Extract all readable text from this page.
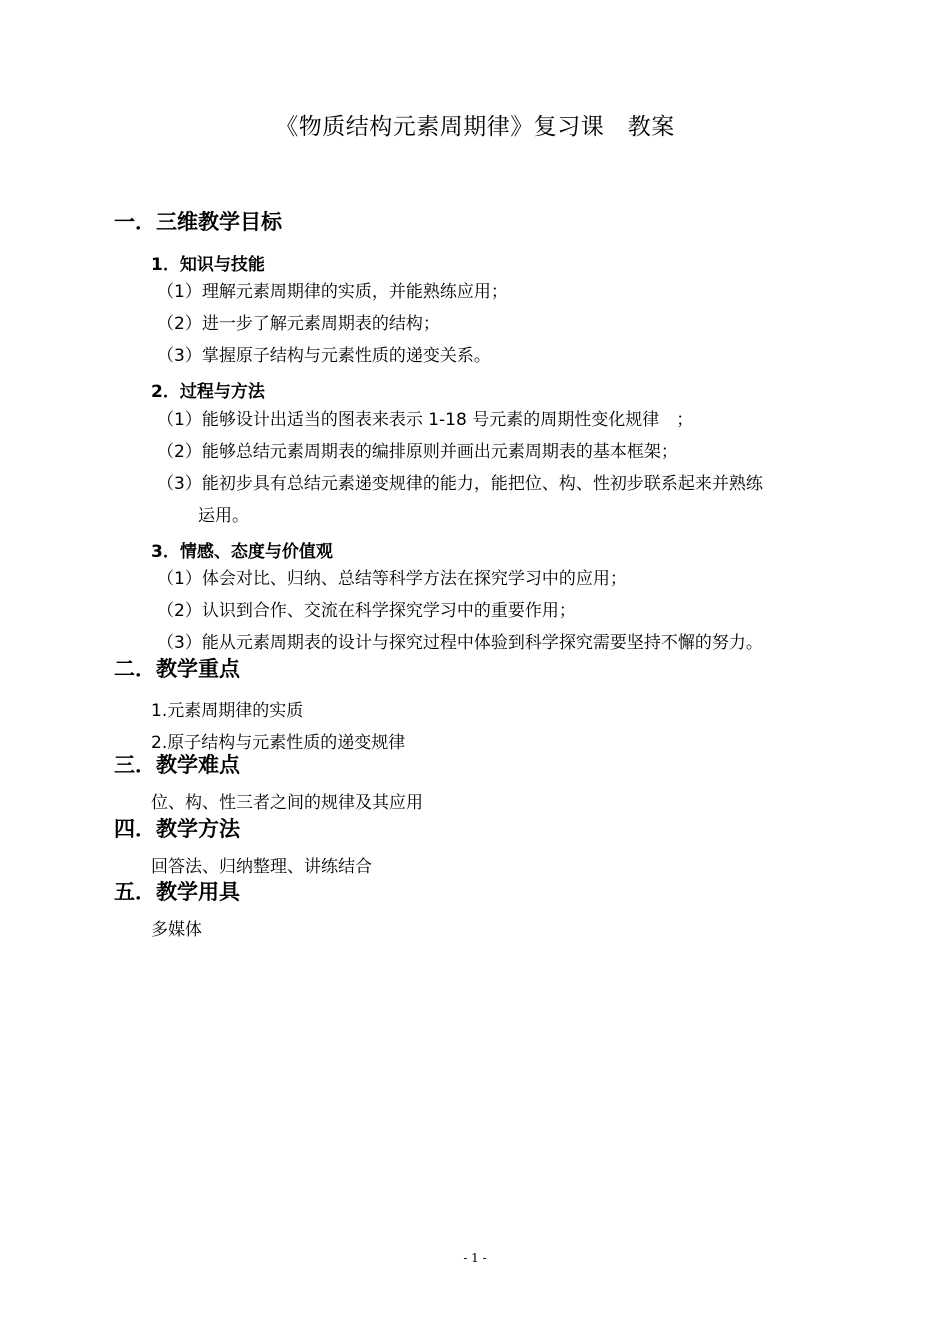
《物质结构元素周期律》复习课　教案
一．三维教学目标
1．知识与技能
（1）理解元素周期律的实质，并能熟练应用；
（2）进一步了解元素周期表的结构；
（3）掌握原子结构与元素性质的递变关系。
2．过程与方法
（1）能够设计出适当的图表来表示 1-18 号元素的周期性变化规律　；
（2）能够总结元素周期表的编排原则并画出元素周期表的基本框架；
（3）能初步具有总结元素递变规律的能力，能把位、构、性初步联系起来并熟练
运用。
3．情感、态度与价值观
（1）体会对比、归纳、总结等科学方法在探究学习中的应用；
（2）认识到合作、交流在科学探究学习中的重要作用；
（3）能从元素周期表的设计与探究过程中体验到科学探究需要坚持不懈的努力。
二．教学重点
1.元素周期律的实质
2.原子结构与元素性质的递变规律
三．教学难点
位、构、性三者之间的规律及其应用
四．教学方法
回答法、归纳整理、讲练结合
五．教学用具
多媒体
- 1 -
